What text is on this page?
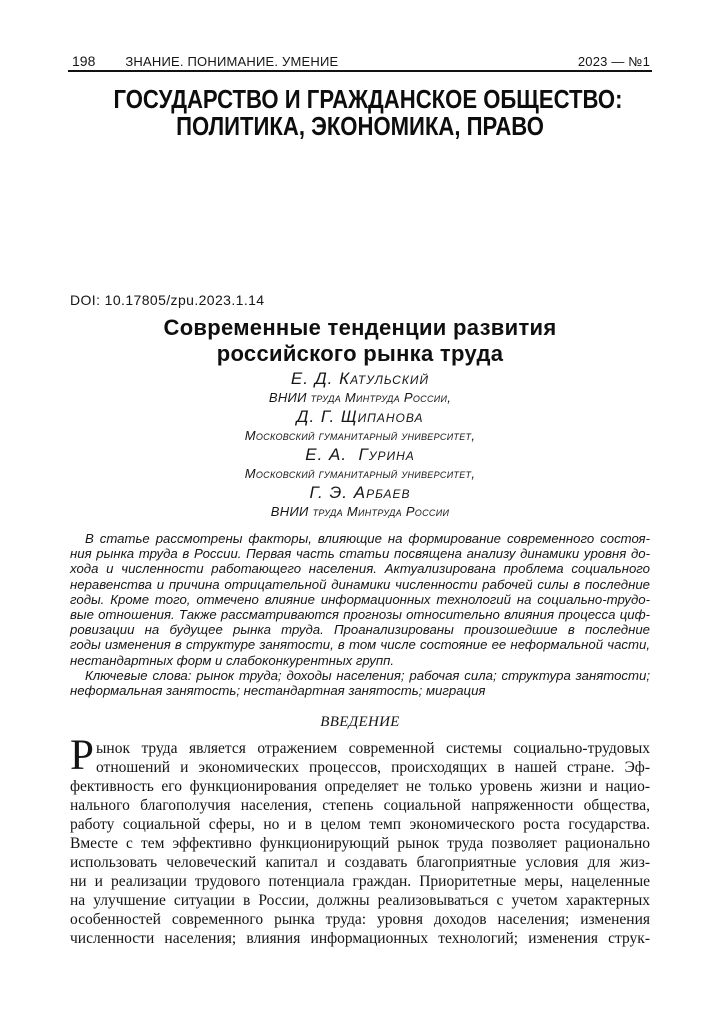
198 ЗНАНИЕ. ПОНИМАНИЕ. УМЕНИЕ	2023 — №1
ГОСУДАРСТВО И ГРАЖДАНСКОЕ ОБЩЕСТВО:
ПОЛИТИКА, ЭКОНОМИКА, ПРАВО
DOI: 10.17805/zpu.2023.1.14
Современные тенденции развития
российского рынка труда
Е. Д. Катульский
ВНИИ труда Минтруда России,
Д. Г. Щипанова
Московский гуманитарный университет,
Е. А.  Гурина
Московский гуманитарный университет,
Г. Э. Арбаев
ВНИИ труда Минтруда России
В статье рассмотрены факторы, влияющие на формирование современного состоя-
ния рынка труда в России. Первая часть статьи посвящена анализу динамики уровня до-
хода и численности работающего населения. Актуализирована проблема социального
неравенства и причина отрицательной динамики численности рабочей силы в последние
годы. Кроме того, отмечено влияние информационных технологий на социально-трудо-
вые отношения. Также рассматриваются прогнозы относительно влияния процесса циф-
ровизации на будущее рынка труда. Проанализированы произошедшие в последние
годы изменения в структуре занятости, в том числе состояние ее неформальной части,
нестандартных форм и слабоконкурентных групп.
Ключевые слова: рынок труда; доходы населения; рабочая сила; структура занятости;
неформальная занятость; нестандартная занятость; миграция
ВВЕДЕНИЕ
Р ынок труда является отражением современной системы социально-трудовых
отношений и экономических процессов, происходящих в нашей стране. Эф-
фективность его функционирования определяет не только уровень жизни и нацио-
нального благополучия населения, степень социальной напряженности общества,
работу социальной сферы, но и в целом темп экономического роста государства.
Вместе с тем эффективно функционирующий рынок труда позволяет рационально
использовать человеческий капитал и создавать благоприятные условия для жиз-
ни и реализации трудового потенциала граждан. Приоритетные меры, нацеленные
на улучшение ситуации в России, должны реализовываться с учетом характерных
особенностей современного рынка труда: уровня доходов населения; изменения
численности населения; влияния информационных технологий; изменения струк-
